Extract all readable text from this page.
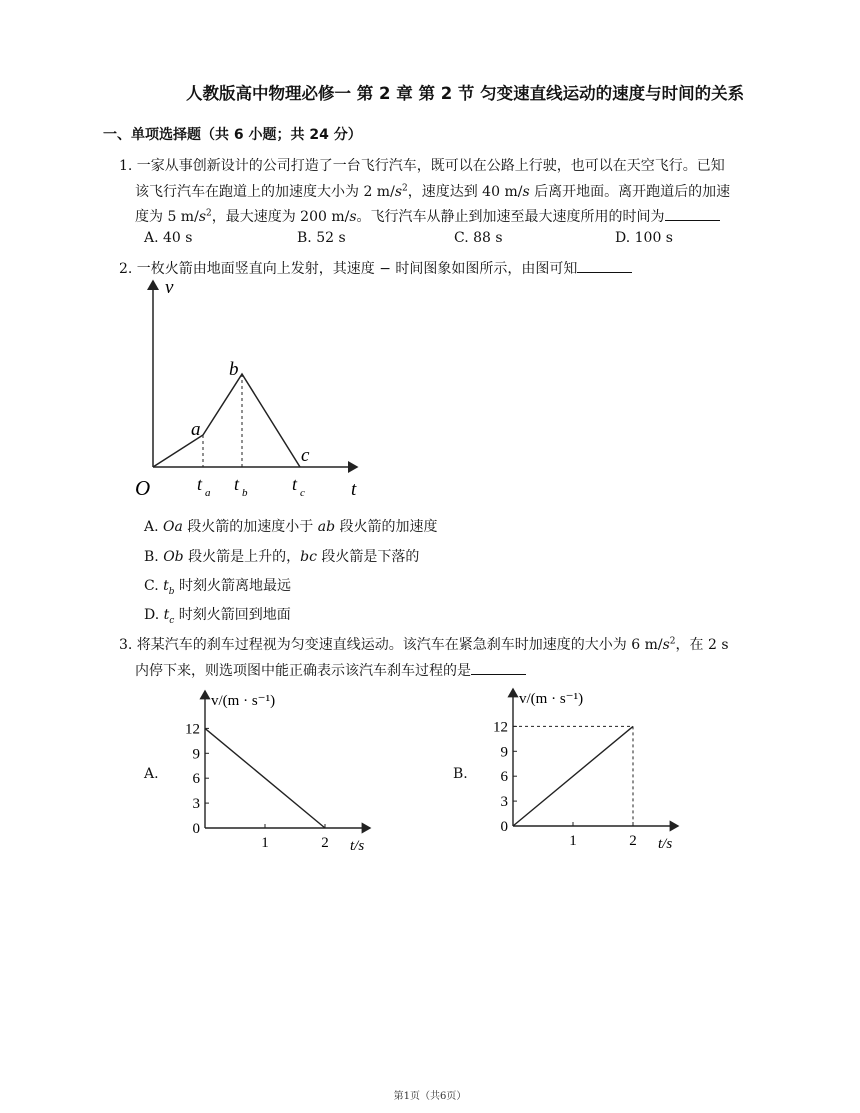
人教版高中物理必修一 第 2 章 第 2 节 匀变速直线运动的速度与时间的关系
一、单项选择题（共 6 小题；共 24 分）
1. 一家从事创新设计的公司打造了一台飞行汽车，既可以在公路上行驶，也可以在天空飞行。已知
该飞行汽车在跑道上的加速度大小为 2 $m/s^2$，速度达到 40 m/s 后离开地面。离开跑道后的加速
度为 5 $m/s^2$，最大速度为 200 m/s。飞行汽车从静止到加速至最大速度所用的时间为
A. 40 s	B. 52 s	C. 88 s	D. 100 s
2. 一枚火箭由地面竖直向上发射，其速度 − 时间图象如图所示，由图可知
v
t
O
a
b
c
t a t b t c
A. Oa 段火箭的加速度小于 ab 段火箭的加速度
B. Ob 段火箭是上升的，bc 段火箭是下落的
C. $t_b$ 时刻火箭离地最远
D. $t_c$ 时刻火箭回到地面
3. 将某汽车的刹车过程视为匀变速直线运动。该汽车在紧急刹车时加速度的大小为 6 $m/s^2$，在 2 s
内停下来，则选项图中能正确表示该汽车刹车过程的是
A.	B.
v/(m · s⁻¹)
t/s
0
3
6
9
12
1	2
v/(m · s⁻¹)
t/s
0
3
6
9
12
1	2
第1页（共6页）
